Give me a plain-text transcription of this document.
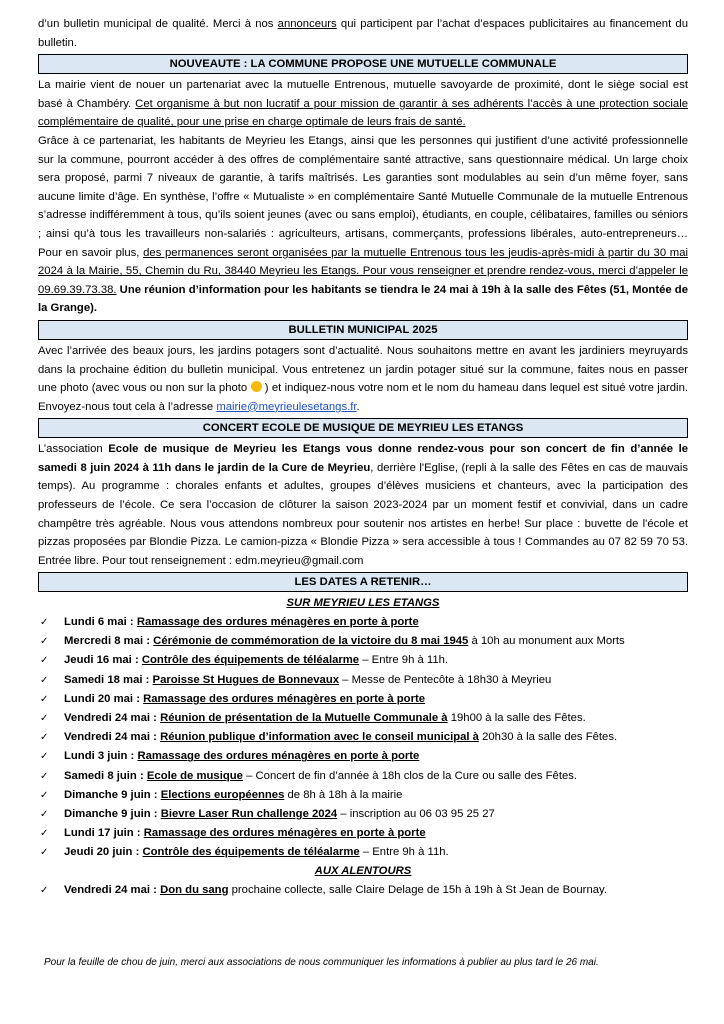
d’un bulletin municipal de qualité. Merci à nos annonceurs qui participent par l’achat d’espaces publicitaires au financement du bulletin.

NOUVEAUTE : LA COMMUNE PROPOSE UNE MUTUELLE COMMUNALE

La mairie vient de nouer un partenariat avec la mutuelle Entrenous, mutuelle savoyarde de proximité, dont le siège social est basé à Chambéry. Cet organisme à but non lucratif a pour mission de garantir à ses adhérents l’accès à une protection sociale complémentaire de qualité, pour une prise en charge optimale de leurs frais de santé.

Grâce à ce partenariat, les habitants de Meyrieu les Etangs, ainsi que les personnes qui justifient d’une activité professionnelle sur la commune, pourront accéder à des offres de complémentaire santé attractive, sans questionnaire médical. Un large choix sera proposé, parmi 7 niveaux de garantie, à tarifs maîtrisés. Les garanties sont modulables au sein d’un même foyer, sans aucune limite d’âge. En synthèse, l’offre « Mutualiste » en complémentaire Santé Mutuelle Communale de la mutuelle Entrenous s’adresse indifféremment à tous, qu’ils soient jeunes (avec ou sans emploi), étudiants, en couple, célibataires, familles ou séniors ; ainsi qu’à tous les travailleurs non-salariés : agriculteurs, artisans, commerçants, professions libérales, auto-entrepreneurs… Pour en savoir plus, des permanences seront organisées par la mutuelle Entrenous tous les jeudis-après-midi à partir du 30 mai 2024 à la Mairie, 55, Chemin du Ru, 38440 Meyrieu les Etangs. Pour vous renseigner et prendre rendez-vous, merci d’appeler le 09.69.39.73.38. Une réunion d’information pour les habitants se tiendra le 24 mai à 19h à la salle des Fêtes (51, Montée de la Grange).

BULLETIN MUNICIPAL 2025

Avec l’arrivée des beaux jours, les jardins potagers sont d’actualité. Nous souhaitons mettre en avant les jardiniers meyruyards dans la prochaine édition du bulletin municipal. Vous entretenez un jardin potager situé sur la commune, faites nous en passer une photo (avec vous ou non sur la photo  ) et indiquez-nous votre nom et le nom du hameau dans lequel est situé votre jardin. Envoyez-nous tout cela à l’adresse mairie@meyrieulesetangs.fr.

CONCERT ECOLE DE MUSIQUE DE MEYRIEU LES ETANGS

L’association Ecole de musique de Meyrieu les Etangs vous donne rendez-vous pour son concert de fin d’année le samedi 8 juin 2024 à 11h dans le jardin de la Cure de Meyrieu, derrière l'Eglise, (repli à la salle des Fêtes en cas de mauvais temps). Au programme : chorales enfants et adultes, groupes d’élèves musiciens et chanteurs, avec la participation des professeurs de l’école. Ce sera l’occasion de clôturer la saison 2023-2024 par un moment festif et convivial, dans un cadre champêtre très agréable. Nous vous attendons nombreux pour soutenir nos artistes en herbe! Sur place : buvette de l'école et pizzas proposées par Blondie Pizza. Le camion-pizza « Blondie Pizza » sera accessible à tous ! Commandes au 07 82 59 70 53. Entrée libre. Pour tout renseignement : edm.meyrieu@gmail.com

LES DATES A RETENIR…
SUR MEYRIEU LES ETANGS
✓ Lundi 6 mai : Ramassage des ordures ménagères en porte à porte
✓ Mercredi 8 mai : Cérémonie de commémoration de la victoire du 8 mai 1945 à 10h au monument aux Morts
✓ Jeudi 16 mai : Contrôle des équipements de téléalarme – Entre 9h à 11h.
✓ Samedi 18 mai : Paroisse St Hugues de Bonnevaux – Messe de Pentecôte à 18h30 à Meyrieu
✓ Lundi 20 mai : Ramassage des ordures ménagères en porte à porte
✓ Vendredi 24 mai : Réunion de présentation de la Mutuelle Communale à 19h00 à la salle des Fêtes.
✓ Vendredi 24 mai : Réunion publique d’information avec le conseil municipal à 20h30 à la salle des Fêtes.
✓ Lundi 3 juin : Ramassage des ordures ménagères en porte à porte
✓ Samedi 8 juin : Ecole de musique – Concert de fin d’année à 18h clos de la Cure ou salle des Fêtes.
✓ Dimanche 9 juin : Elections européennes de 8h à 18h à la mairie
✓ Dimanche 9 juin : Bievre Laser Run challenge 2024 – inscription au 06 03 95 25 27
✓ Lundi 17 juin : Ramassage des ordures ménagères en porte à porte
✓ Jeudi 20 juin : Contrôle des équipements de téléalarme – Entre 9h à 11h.
AUX ALENTOURS
✓ Vendredi 24 mai : Don du sang prochaine collecte, salle Claire Delage de 15h à 19h à St Jean de Bournay.
Pour la feuille de chou de juin, merci aux associations de nous communiquer les informations à publier au plus tard le 26 mai.
